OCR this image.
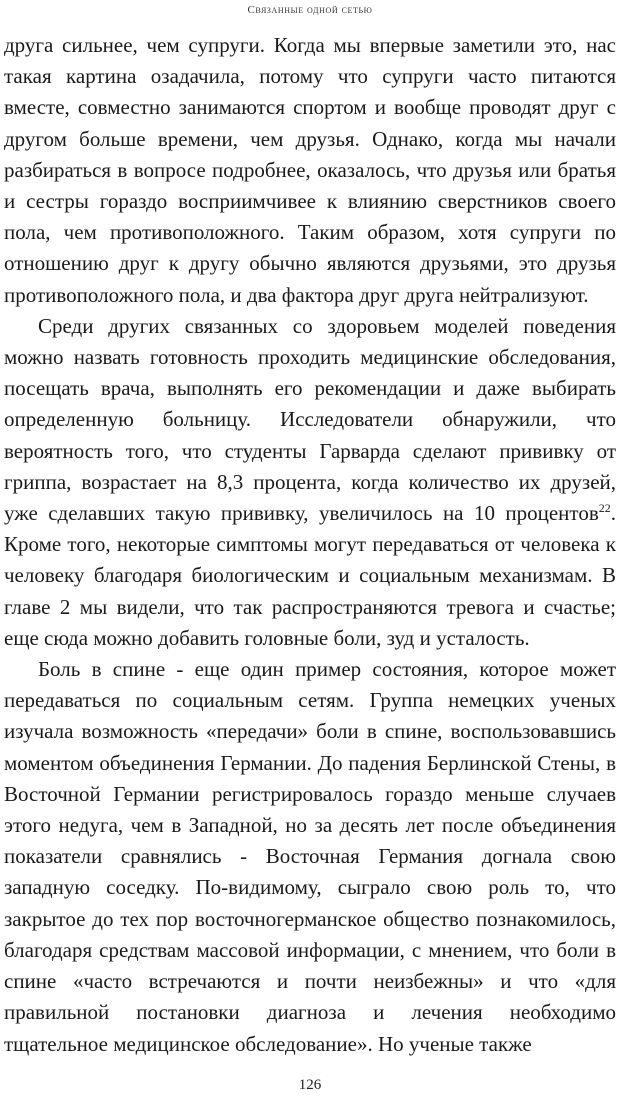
Связанные одной сетью

друга сильнее, чем супруги. Когда мы впервые заметили это, нас такая картина озадачила, потому что супруги часто питаются вместе, совместно занимаются спортом и вообще проводят друг с другом больше времени, чем друзья. Однако, когда мы начали разбираться в вопросе подробнее, оказалось, что друзья или братья и сестры гораздо восприимчивее к влиянию сверстников своего пола, чем противоположного. Таким образом, хотя супруги по отношению друг к другу обычно являются друзьями, это друзья противоположного пола, и два фактора друг друга нейтрализуют.

Среди других связанных со здоровьем моделей поведения можно назвать готовность проходить медицинские обследования, посещать врача, выполнять его рекомендации и даже выбирать определенную больницу. Исследователи обнаружили, что вероятность того, что студенты Гарварда сделают прививку от гриппа, возрастает на 8,3 процента, когда количество их друзей, уже сделавших такую прививку, увеличилось на 10 процентов$^{22}$. Кроме того, некоторые симптомы могут передаваться от человека к человеку благодаря биологическим и социальным механизмам. В главе 2 мы видели, что так распространяются тревога и счастье; еще сюда можно добавить головные боли, зуд и усталость.

Боль в спине - еще один пример состояния, которое может передаваться по социальным сетям. Группа немецких ученых изучала возможность «передачи» боли в спине, воспользовавшись моментом объединения Германии. До падения Берлинской Стены, в Восточной Германии регистрировалось гораздо меньше случаев этого недуга, чем в Западной, но за десять лет после объединения показатели сравнялись - Восточная Германия догнала свою западную соседку. По-видимому, сыграло свою роль то, что закрытое до тех пор восточногерманское общество познакомилось, благодаря средствам массовой информации, с мнением, что боли в спине «часто встречаются и почти неизбежны» и что «для правильной постановки диагноза и лечения необходимо тщательное медицинское обследование». Но ученые также

126
